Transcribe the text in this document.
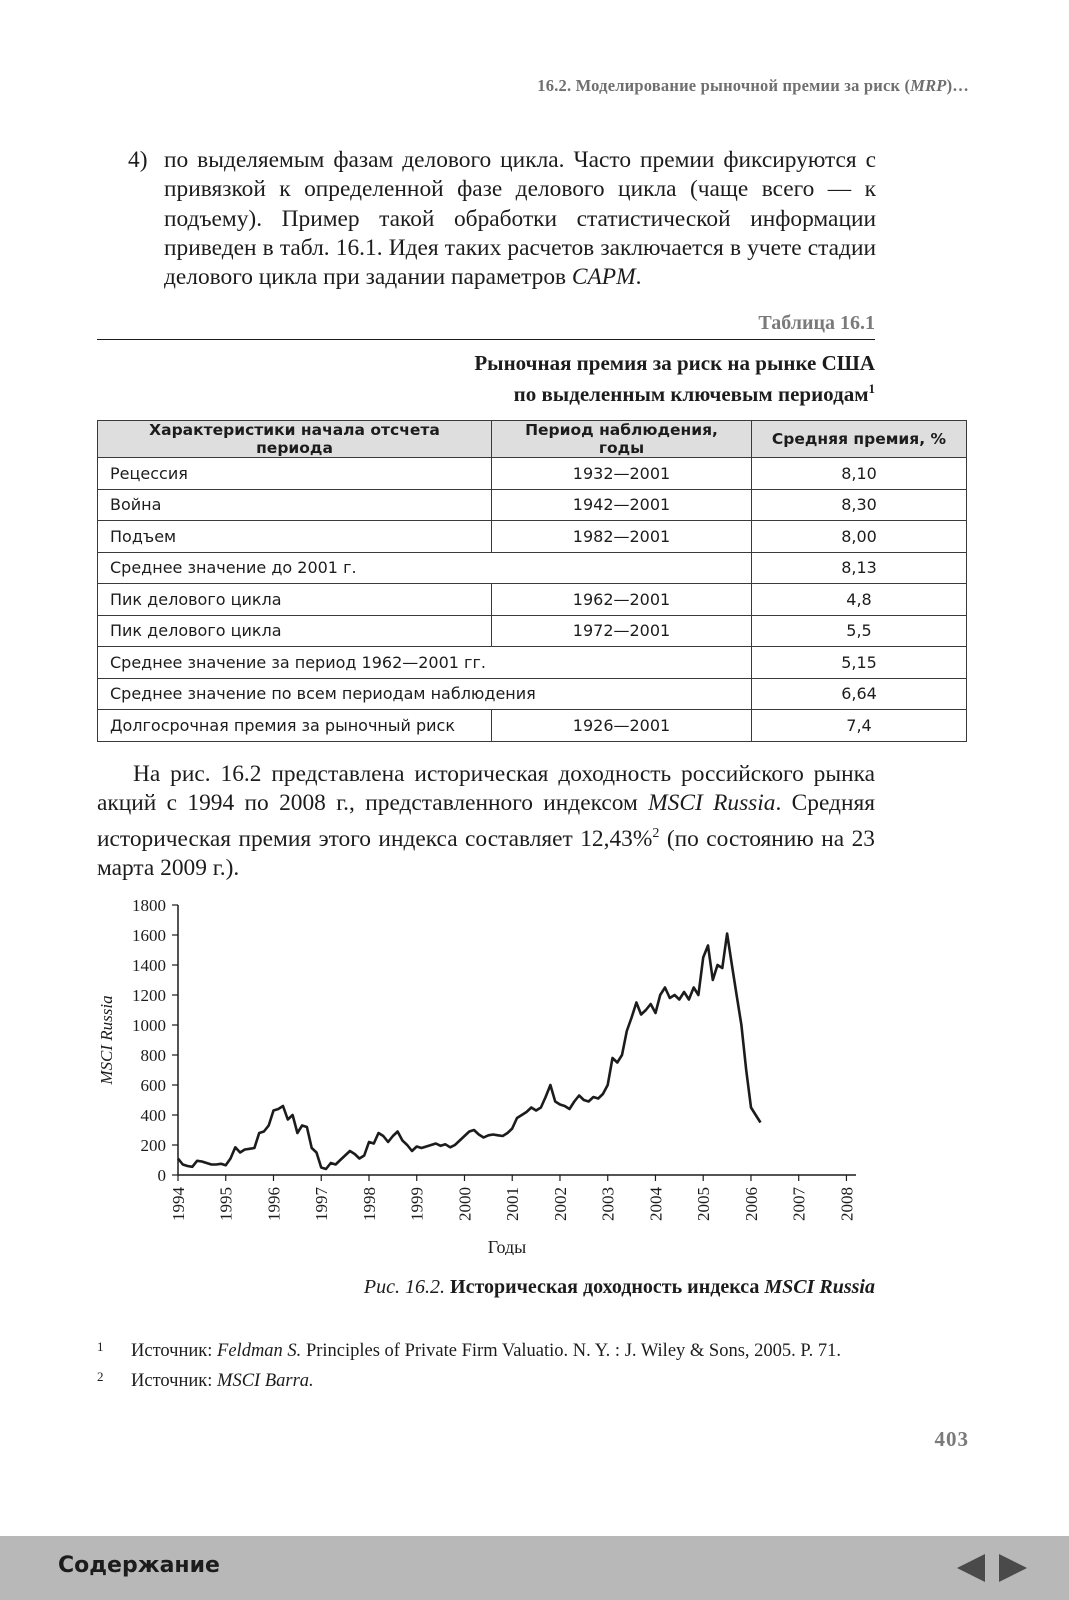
16.2. Моделирование рыночной премии за риск (MRP)…
4) по выделяемым фазам делового цикла. Часто премии фиксируются с привязкой к определенной фазе делового цикла (чаще всего — к подъему). Пример такой обработки статистической информации приведен в табл. 16.1. Идея таких расчетов заключается в учете стадии делового цикла при задании параметров CAPM.
Таблица 16.1
Рыночная премия за риск на рынке США
по выделенным ключевым периодам$^1$
Характеристики начала отсчета периода	Период наблюдения, годы	Средняя премия, %
Рецессия	1932—2001	8,10
Война	1942—2001	8,30
Подъем	1982—2001	8,00
Среднее значение до 2001 г.		8,13
Пик делового цикла	1962—2001	4,8
Пик делового цикла	1972—2001	5,5
Среднее значение за период 1962—2001 гг.		5,15
Среднее значение по всем периодам наблюдения		6,64
Долгосрочная премия за рыночный риск	1926—2001	7,4
На рис. 16.2 представлена историческая доходность российского рынка акций с 1994 по 2008 г., представленного индексом MSCI Russia. Средняя историческая премия этого индекса составляет 12,43%$^2$ (по состоянию на 23 марта 2009 г.).
0
200
400
600
800
1000
1200
1400
1600
1800
1994 1995 1996 1997 1998 1999 2000 2001 2002 2003 2004 2005 2006 2007 2008
Годы
MSCI Russia
Рис. 16.2. Историческая доходность индекса MSCI Russia
1 Источник: Feldman S. Principles of Private Firm Valuatio. N. Y. : J. Wiley & Sons, 2005. P. 71.
2 Источник: MSCI Barra.
403
Содержание
